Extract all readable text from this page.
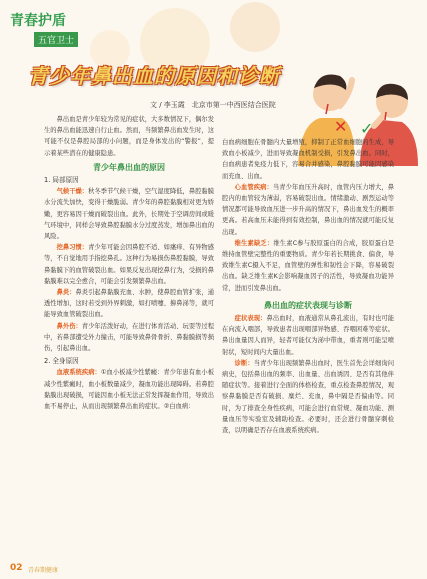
青春护盾
五官卫士
青少年鼻出血的原因和诊断
文 / 李玉霞　北京市第一中西医结合医院
✕ ✓

鼻出血是青少年较为常见的症状，大多数情况下，偶尔发生的鼻出血能迅速自行止血。然而，当频繁鼻出血发生时，这可能不仅是鼻腔局部的小问题，而是身体发出的“警报”，提示着某些潜在的健康隐患。

青少年鼻出血的原因
1. 局部原因

气候干燥：秋冬季节气候干燥，空气湿度降低，鼻腔黏膜水分流失加快，变得干燥脆弱。青少年的鼻腔黏膜相对更为娇嫩，更容易因干燥而破裂出血。此外，长期处于空调房间或暖气环境中，同样会导致鼻腔黏膜水分过度蒸发，增加鼻出血的风险。

挖鼻习惯：青少年可能会因鼻腔不适、如瘙痒、有异物感等，不自觉地用手指挖鼻孔。这种行为易损伤鼻腔黏膜，导致鼻黏膜下的血管破裂出血。如果反复出现挖鼻行为，受损的鼻黏膜难以完全愈合，可能会引发频繁鼻出血。

鼻炎：鼻炎引起鼻黏膜充血、水肿，使鼻腔血管扩张，通透性增加，这时若受到外界刺激，如打喷嚏、擤鼻涕等，就可能导致血管破裂出血。

鼻外伤：青少年活泼好动，在进行体育活动、玩耍等过程中，若鼻部遭受外力撞击，可能导致鼻骨骨折、鼻黏膜损等损伤，引起鼻出血。

2. 全身原因

血液系统疾病：①血小板减少性紫癜：青少年患有血小板减少性紫癜时，血小板数量减少，凝血功能出现障碍。若鼻腔黏膜出现破损，可能因血小板无法正常发挥凝血作用，导致出血不易停止，从而出现频繁鼻出血的症状。②白血病：

白血病细胞在骨髓内大量增殖，抑制了正常血细胞的生成，导致血小板减少，进而导致凝血机制受损，引发鼻出血。同时，白血病患者免疫力低下，容易合并感染，鼻腔黏膜可能因感染而充血、出血。

心血管疾病：当青少年血压升高时，血管内压力增大，鼻腔内的血管较为薄弱，容易破裂出血。情绪激动、剧烈运动等情况都可能导致血压进一步升高的情况下，鼻出血发生的概率更高。若高血压未能得到有效控制，鼻出血的情况就可能反复出现。

维生素缺乏：维生素C参与胶原蛋白的合成，胶原蛋白是维持血管壁完整性的重要物质。青少年若长期挑食、偏食，导致维生素C摄入不足，血管壁的弹性和韧性会下降，容易破裂出血。缺乏维生素K会影响凝血因子的活性，导致凝血功能异常，进而引发鼻出血。

鼻出血的症状表现与诊断

症状表现：鼻出血时，血液通常从鼻孔流出，有时也可能在向流入咽部，导致患者出现咽部异物感、吞咽困难等症状。鼻出血量因人而异，轻者可能仅为涕中带血，重者则可能呈喷射状，短时间内大量出血。

诊断：当青少年出现频繁鼻出血时，医生首先会详细询问病史，包括鼻出血的频率、出血量、出血诱因、是否有其他伴随症状等。接着进行全面的体格检查，重点检查鼻腔情况，观察鼻黏膜是否有破损、糜烂、充血，鼻中隔是否偏曲等。同时，为了排查全身性疾病，可能会进行血常规、凝血功能、测量血压等实验室及辅助检查。必要时，还会进行骨髓穿刺检查，以明确是否存在血液系统疾病。

02 青春期健康
